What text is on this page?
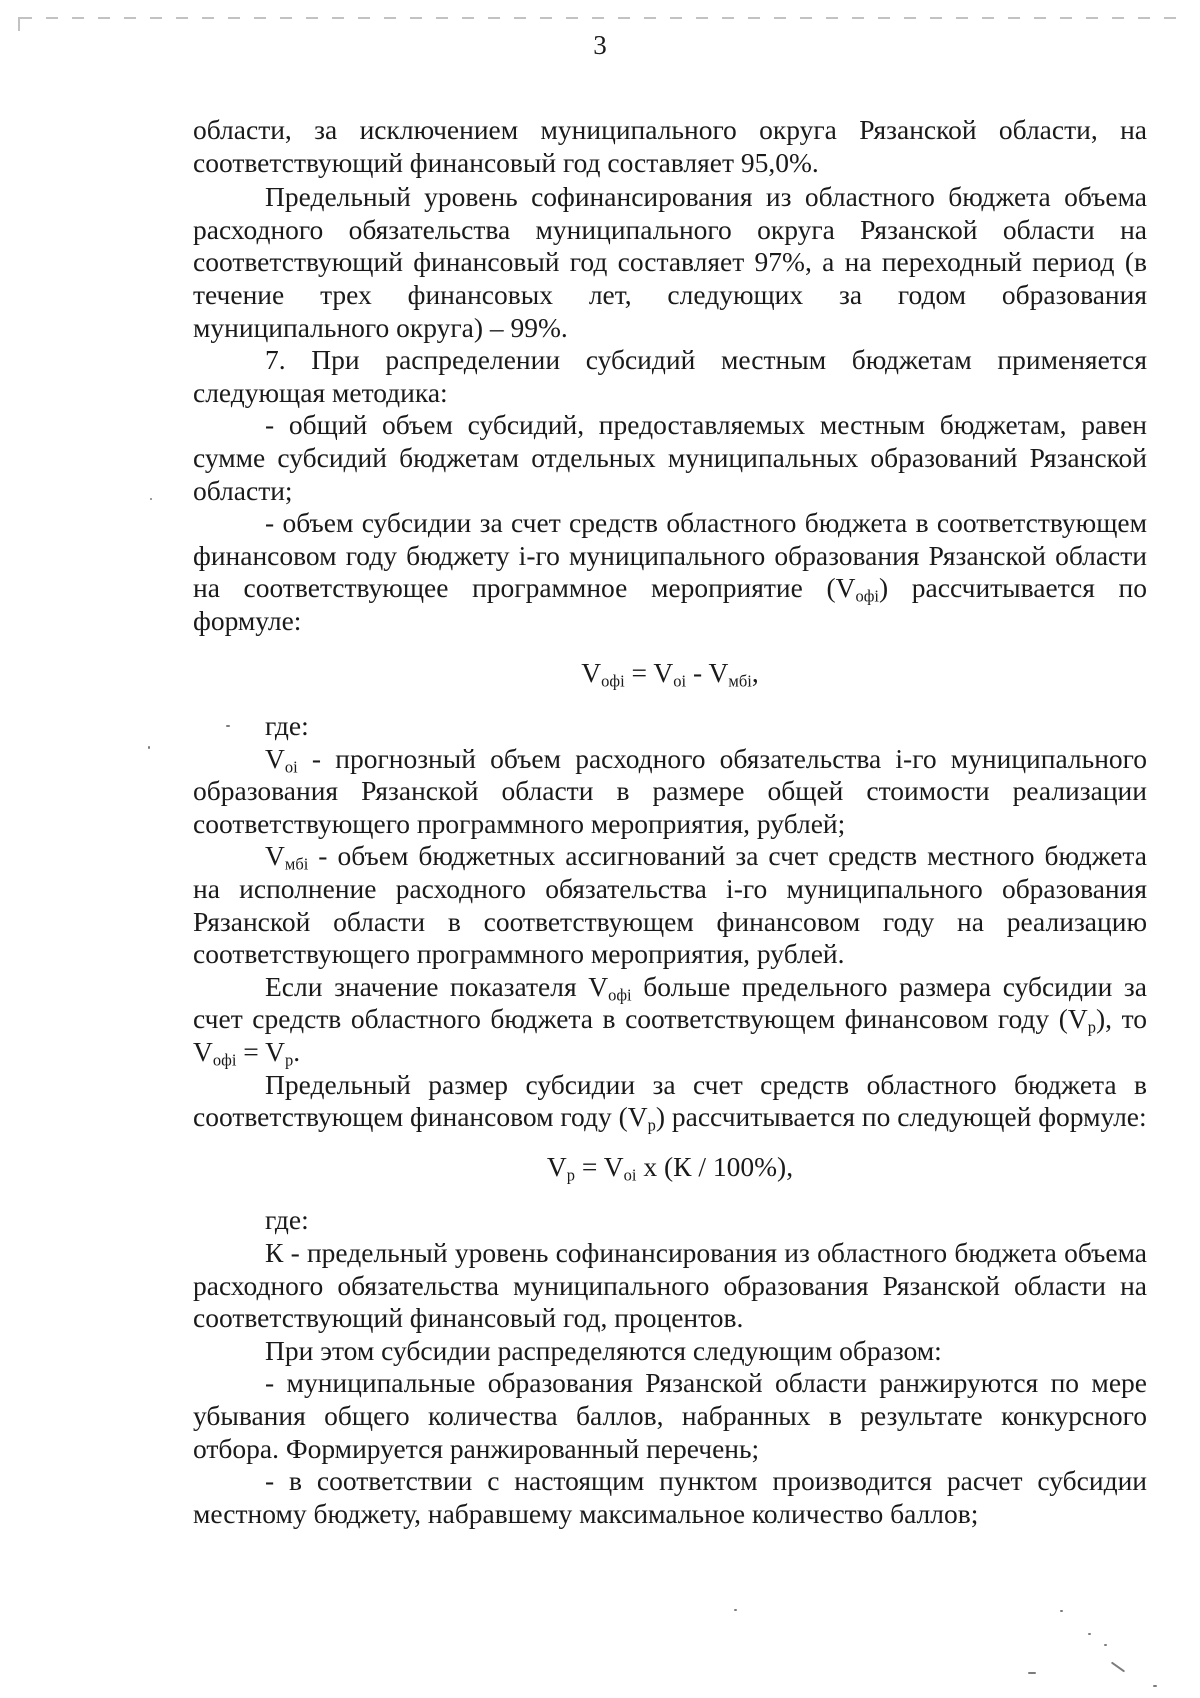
3

области, за исключением муниципального округа Рязанской области, на соответствующий финансовый год составляет 95,0%.

Предельный уровень софинансирования из областного бюджета объема расходного обязательства муниципального округа Рязанской области на соответствующий финансовый год составляет 97%, а на переходный период (в течение трех финансовых лет, следующих за годом образования муниципального округа) – 99%.

7. При распределении субсидий местным бюджетам применяется следующая методика:

- общий объем субсидий, предоставляемых местным бюджетам, равен сумме субсидий бюджетам отдельных муниципальных образований Рязанской области;

- объем субсидии за счет средств областного бюджета в соответствующем финансовом году бюджету i-го муниципального образования Рязанской области на соответствующее программное мероприятие $(V_{офi})$ рассчитывается по формуле:

$V_{офi} = V_{oi} - V_{мбi}$,

где:

$V_{oi}$ - прогнозный объем расходного обязательства i-го муниципального образования Рязанской области в размере общей стоимости реализации соответствующего программного мероприятия, рублей;

$V_{мбi}$ - объем бюджетных ассигнований за счет средств местного бюджета на исполнение расходного обязательства i-го муниципального образования Рязанской области в соответствующем финансовом году на реализацию соответствующего программного мероприятия, рублей.

Если значение показателя $V_{офi}$ больше предельного размера субсидии за счет средств областного бюджета в соответствующем финансовом году $(V_p)$, то $V_{офi} = V_p$.

Предельный размер субсидии за счет средств областного бюджета в соответствующем финансовом году $(V_p)$ рассчитывается по следующей формуле:

$V_p = V_{oi}$ x (К / 100%),

где:

К - предельный уровень софинансирования из областного бюджета объема расходного обязательства муниципального образования Рязанской области на соответствующий финансовый год, процентов.

При этом субсидии распределяются следующим образом:

- муниципальные образования Рязанской области ранжируются по мере убывания общего количества баллов, набранных в результате конкурсного отбора. Формируется ранжированный перечень;

- в соответствии с настоящим пунктом производится расчет субсидии местному бюджету, набравшему максимальное количество баллов;
